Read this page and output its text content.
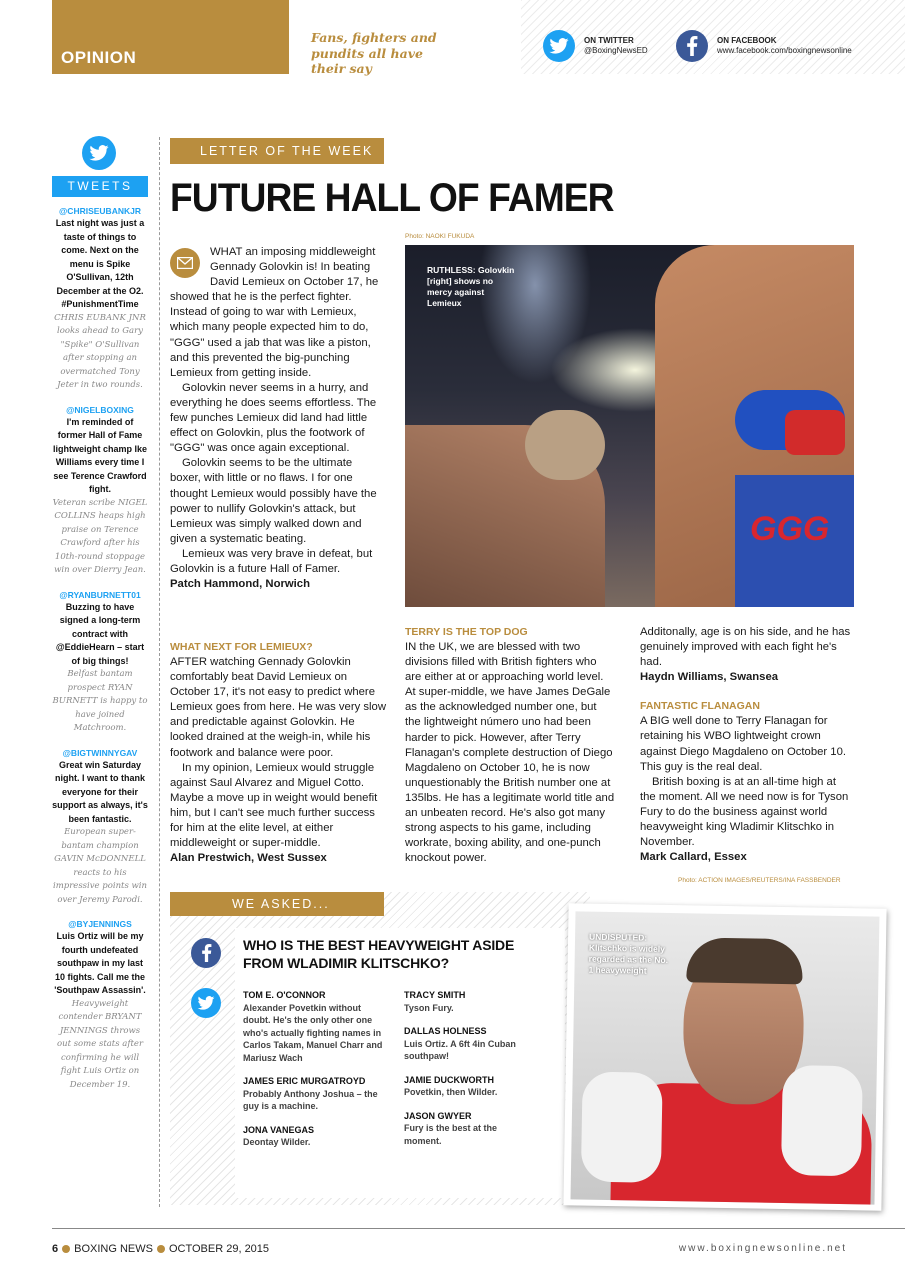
OPINION
Fans, fighters and pundits all have their say
ON TWITTER
@BoxingNewsED
ON FACEBOOK
www.facebook.com/boxingnewsonline
TWEETS
@CHRISEUBANKJR
Last night was just a taste of things to come. Next on the menu is Spike O'Sullivan, 12th December at the O2. #PunishmentTime
CHRIS EUBANK JNR looks ahead to Gary "Spike" O'Sullivan after stopping an overmatched Tony Jeter in two rounds.
@NIGELBOXING
I'm reminded of former Hall of Fame lightweight champ Ike Williams every time I see Terence Crawford fight.
Veteran scribe NIGEL COLLINS heaps high praise on Terence Crawford after his 10th-round stoppage win over Dierry Jean.
@RYANBURNETT01
Buzzing to have signed a long-term contract with @EddieHearn – start of big things!
Belfast bantam prospect RYAN BURNETT is happy to have joined Matchroom.
@BIGTWINNYGAV
Great win Saturday night. I want to thank everyone for their support as always, it's been fantastic.
European super-bantam champion GAVIN McDONNELL reacts to his impressive points win over Jeremy Parodi.
@BYJENNINGS
Luis Ortiz will be my fourth undefeated southpaw in my last 10 fights. Call me the 'Southpaw Assassin'.
Heavyweight contender BRYANT JENNINGS throws out some stats after confirming he will fight Luis Ortiz on December 19.
LETTER OF THE WEEK
FUTURE HALL OF FAMER

WHAT an imposing middleweight Gennady Golovkin is! In beating David Lemieux on October 17, he showed that he is the perfect fighter. Instead of going to war with Lemieux, which many people expected him to do, "GGG" used a jab that was like a piston, and this prevented the big-punching Lemieux from getting inside.

Golovkin never seems in a hurry, and everything he does seems effortless. The few punches Lemieux did land had little effect on Golovkin, plus the footwork of "GGG" was once again exceptional.

Golovkin seems to be the ultimate boxer, with little or no flaws. I for one thought Lemieux would possibly have the power to nullify Golovkin's attack, but Lemieux was simply walked down and given a systematic beating.

Lemieux was very brave in defeat, but Golovkin is a future Hall of Famer.

Patch Hammond, Norwich
WHAT NEXT FOR LEMIEUX?

AFTER watching Gennady Golovkin comfortably beat David Lemieux on October 17, it's not easy to predict where Lemieux goes from here. He was very slow and predictable against Golovkin. He looked drained at the weigh-in, while his footwork and balance were poor.

In my opinion, Lemieux would struggle against Saul Alvarez and Miguel Cotto. Maybe a move up in weight would benefit him, but I can't see much further success for him at the elite level, at either middleweight or super-middle.

Alan Prestwich, West Sussex
Photo: NAOKI FUKUDA
GGG
RUTHLESS: Golovkin [right] shows no mercy against Lemieux
TERRY IS THE TOP DOG

IN the UK, we are blessed with two divisions filled with British fighters who are either at or approaching world level. At super-middle, we have James DeGale as the acknowledged number one, but the lightweight número uno had been harder to pick. However, after Terry Flanagan's complete destruction of Diego Magdaleno on October 10, he is now unquestionably the British number one at 135lbs. He has a legitimate world title and an unbeaten record. He's also got many strong aspects to his game, including workrate, boxing ability, and one-punch knockout power.

Additonally, age is on his side, and he has genuinely improved with each fight he's had.

Haydn Williams, Swansea
FANTASTIC FLANAGAN

A BIG well done to Terry Flanagan for retaining his WBO lightweight crown against Diego Magdaleno on October 10. This guy is the real deal.

British boxing is at an all-time high at the moment. All we need now is for Tyson Fury to do the business against world heavyweight king Wladimir Klitschko in November.

Mark Callard, Essex
WE ASKED...
WHO IS THE BEST HEAVYWEIGHT ASIDE FROM WLADIMIR KLITSCHKO?
TOM E. O'CONNOR
Alexander Povetkin without doubt. He's the only other one who's actually fighting names in Carlos Takam, Manuel Charr and Mariusz Wach
JAMES ERIC MURGATROYD
Probably Anthony Joshua – the guy is a machine.
JONA VANEGAS
Deontay Wilder.
TRACY SMITH
Tyson Fury.
DALLAS HOLNESS
Luis Ortiz. A 6ft 4in Cuban southpaw!
JAMIE DUCKWORTH
Povetkin, then Wilder.
JASON GWYER
Fury is the best at the moment.
Photo: ACTION IMAGES/REUTERS/INA FASSBENDER
UNDISPUTED: Klitschko is widely regarded as the No. 1 heavyweight
6 BOXING NEWS OCTOBER 29, 2015	www.boxingnewsonline.net
